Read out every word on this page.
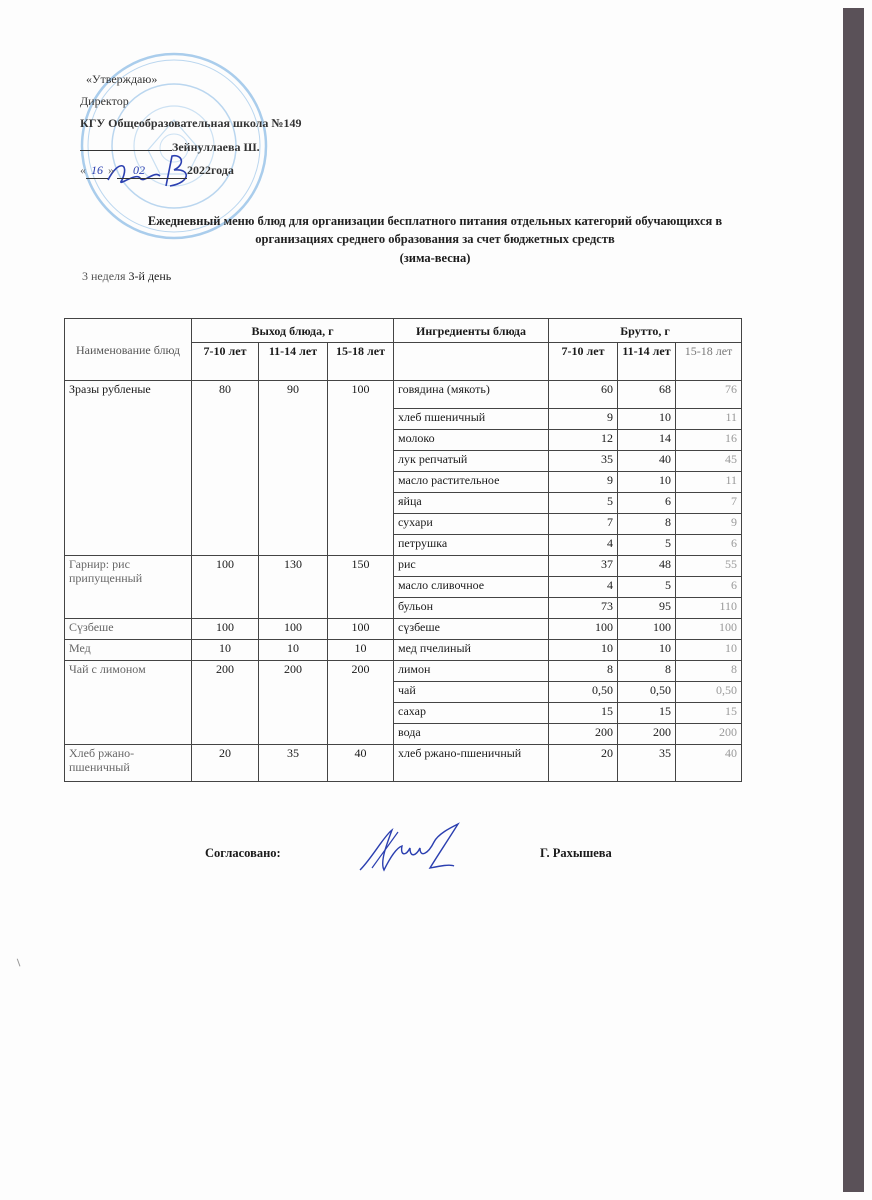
«Утверждаю»
Директор
КГУ Общеобразовательная школа №149
Зейнуллаева Ш.
« 16 » 02	2022года
Ежедневный меню блюд для организации бесплатного питания отдельных категорий обучающихся в
организациях среднего образования за счет бюджетных средств
(зима-весна)
3 неделя 3-й день
Наименование блюд	Выход блюда, г			Ингредиенты блюда	Брутто, г		
	7-10 лет	11-14 лет	15-18 лет		7-10 лет	11-14 лет	15-18 лет
Зразы рубленые	80	90	100	говядина (мякоть)	60	68	76
				хлеб пшеничный	9	10	11
				молоко	12	14	16
				лук репчатый	35	40	45
				масло растительное	9	10	11
				яйца	5	6	7
				сухари	7	8	9
				петрушка	4	5	6
Гарнир: рис припущенный	100	130	150	рис	37	48	55
				масло сливочное	4	5	6
				бульон	73	95	110
Сүзбеше	100	100	100	сүзбеше	100	100	100
Мед	10	10	10	мед пчелиный	10	10	10
Чай с лимоном	200	200	200	лимон	8	8	8
				чай	0,50	0,50	0,50
				сахар	15	15	15
				вода	200	200	200
Хлеб ржано-пшеничный	20	35	40	хлеб ржано-пшеничный	20	35	40
Согласовано:	Г. Рахышева
